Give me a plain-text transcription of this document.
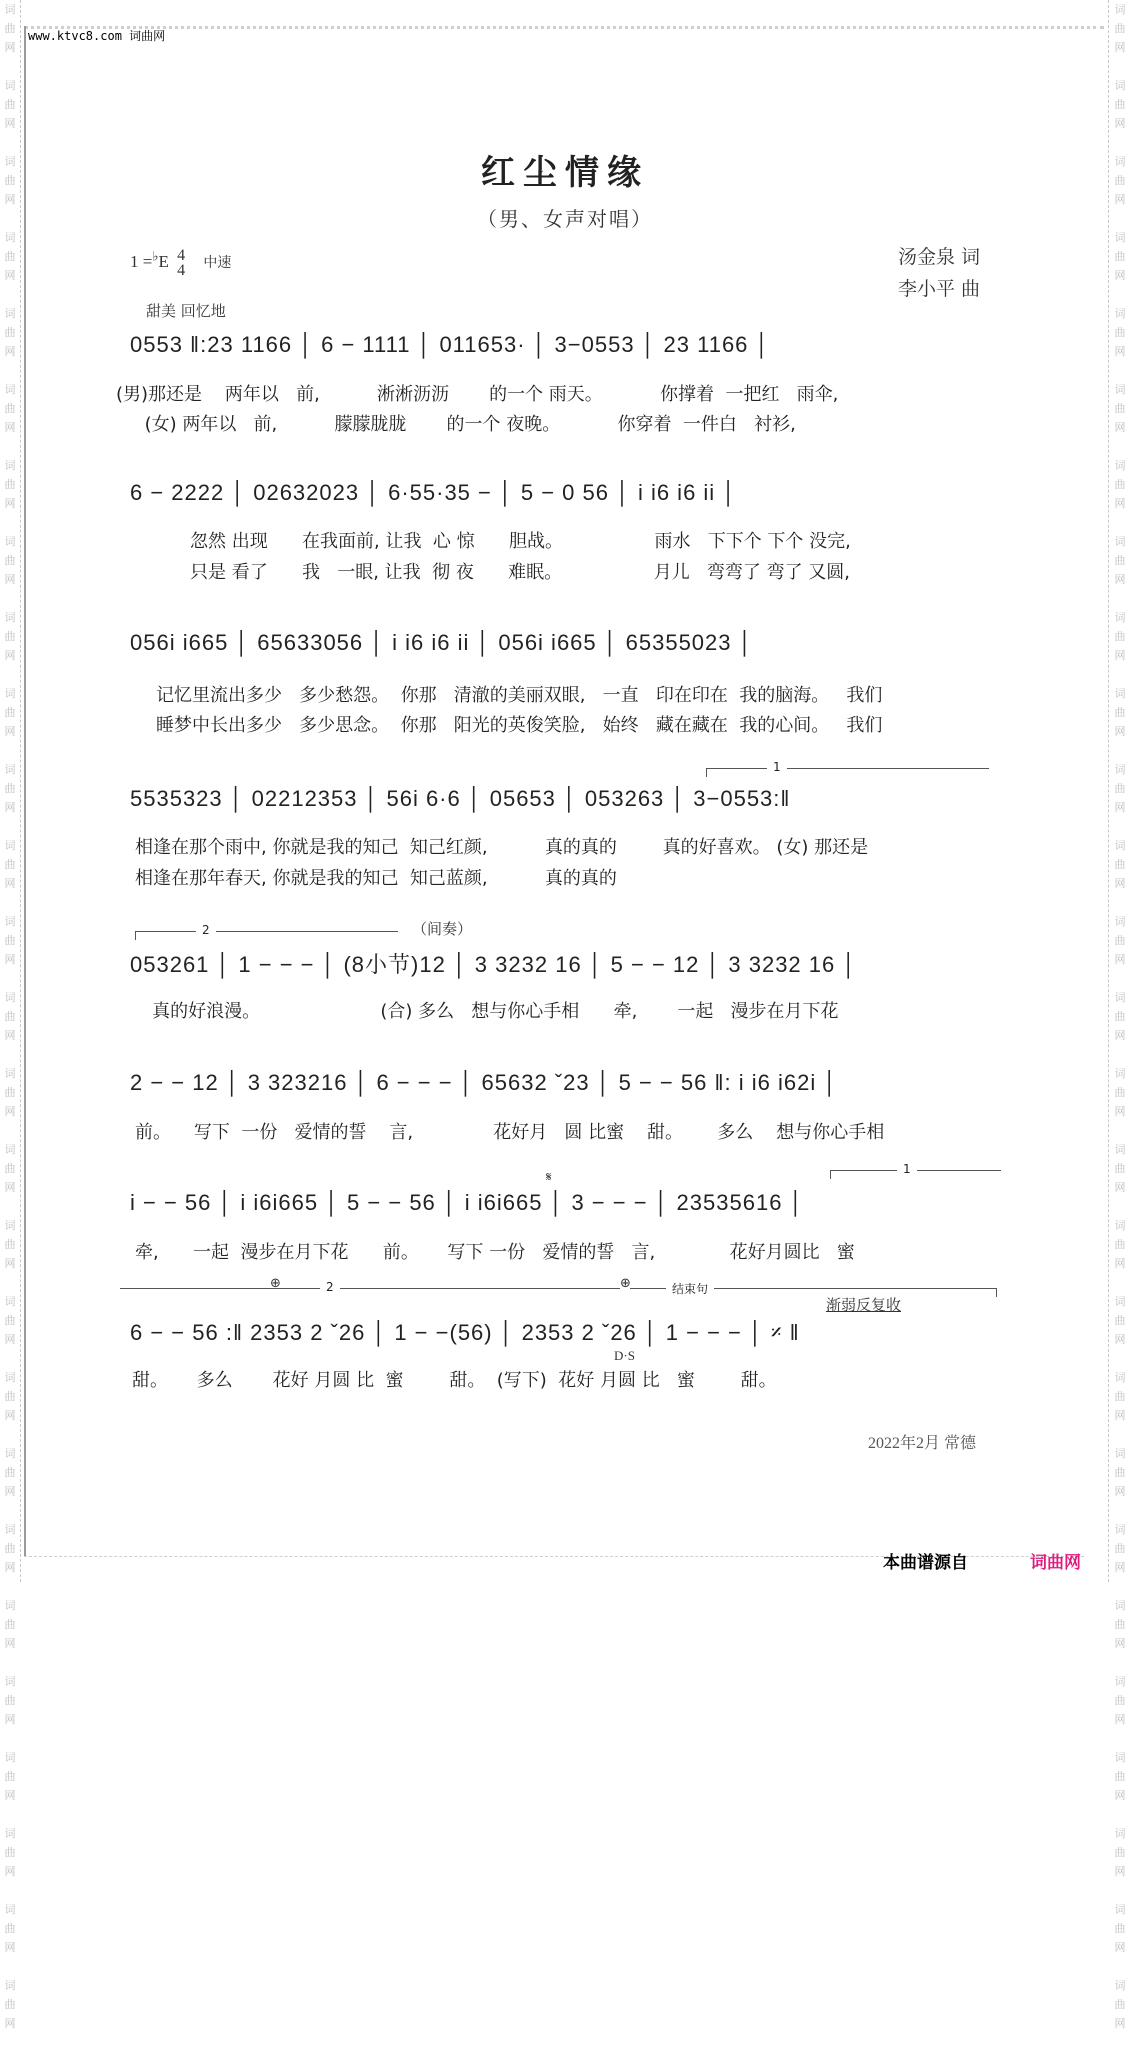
词
曲
网
词
曲
网
词
曲
网
词
曲
网
词
曲
网
词
曲
网
词
曲
网
词
曲
网
词
曲
网
词
曲
网
词
曲
网
词
曲
网
词
曲
网
词
曲
网
词
曲
网
词
曲
网
词
曲
网
词
曲
网
词
曲
网
词
曲
网
词
曲
网
词
曲
网
词
曲
网
词
曲
网
词
曲
网
词
曲
网
词
曲
网
词
曲
网
词
曲
网
词
曲
网
词
曲
网
词
曲
网
词
曲
网
词
曲
网
词
曲
网
词
曲
网
词
曲
网
词
曲
网
词
曲
网
词
曲
网
词
曲
网
词
曲
网
词
曲
网
词
曲
网
词
曲
网
词
曲
网
词
曲
网
词
曲
网
词
曲
网
词
曲
网
词
曲
网
词
曲
网
词
曲
网
词
曲
网
www.ktvc8.com 词曲网
红尘情缘
（男、女声对唱）
1 =♭E 4
4 中速
甜美 回忆地
汤金泉 词
李小平 曲
0553 ‖:23 1166 │ 6 − 1111 │ 011653· │ 3−0553 │ 23 1166 │
(男)那还是    两年以   前,          淅淅沥沥       的一个 雨天。          你撑着  一把红   雨伞,
(女) 两年以   前,          朦朦胧胧       的一个 夜晚。          你穿着  一件白   衬衫,
6 − 2222 │ 02632023 │ 6·55·35 − │ 5 − 0 56 │ i i6 i6 ii │
忽然 出现      在我面前, 让我  心 惊      胆战。                雨水   下下个 下个 没完,
只是 看了      我   一眼, 让我  彻 夜      难眠。                月儿   弯弯了 弯了 又圆,
056i i665 │ 65633056 │ i i6 i6 ii │ 056i i665 │ 65355023 │
记忆里流出多少   多少愁怨。  你那   清澈的美丽双眼,   一直   印在印在  我的脑海。   我们
睡梦中长出多少   多少思念。  你那   阳光的英俊笑脸,   始终   藏在藏在  我的心间。   我们
1
5535323 │ 02212353 │ 56i 6·6 │ 05653 │ 053263 │ 3−0553:‖
相逢在那个雨中, 你就是我的知己  知己红颜,          真的真的        真的好喜欢。 (女) 那还是
相逢在那年春天, 你就是我的知己  知己蓝颜,          真的真的
2	（间奏）
053261 │ 1 − − − │ (8小节)12 │ 3 3232 16 │ 5 − − 12 │ 3 3232 16 │
真的好浪漫。                     (合) 多么   想与你心手相      牵,       一起   漫步在月下花
2 − − 12 │ 3 323216 │ 6 − − − │ 65632 ˇ23 │ 5 − − 56 ‖: i i6 i62i │
前。    写下  一份   爱情的誓    言,              花好月   圆 比蜜    甜。      多么    想与你心手相
𝄋
1
i − − 56 │ i i6i665 │ 5 − − 56 │ i i6i665 │ 3 − − − │ 23535616 │
牵,      一起  漫步在月下花      前。     写下 一份   爱情的誓   言,             花好月圆比   蜜
2
⊕	⊕	结束句
渐弱反复收
6 − − 56 :‖ 2353 2 ˇ26 │ 1 − −(56) │ 2353 2 ˇ26 │ 1 − − − │ 𝄎 ‖
D·S
甜。     多么       花好 月圆 比  蜜        甜。  (写下)  花好 月圆 比   蜜        甜。
2022年2月 常德
本曲谱源自	词曲网
